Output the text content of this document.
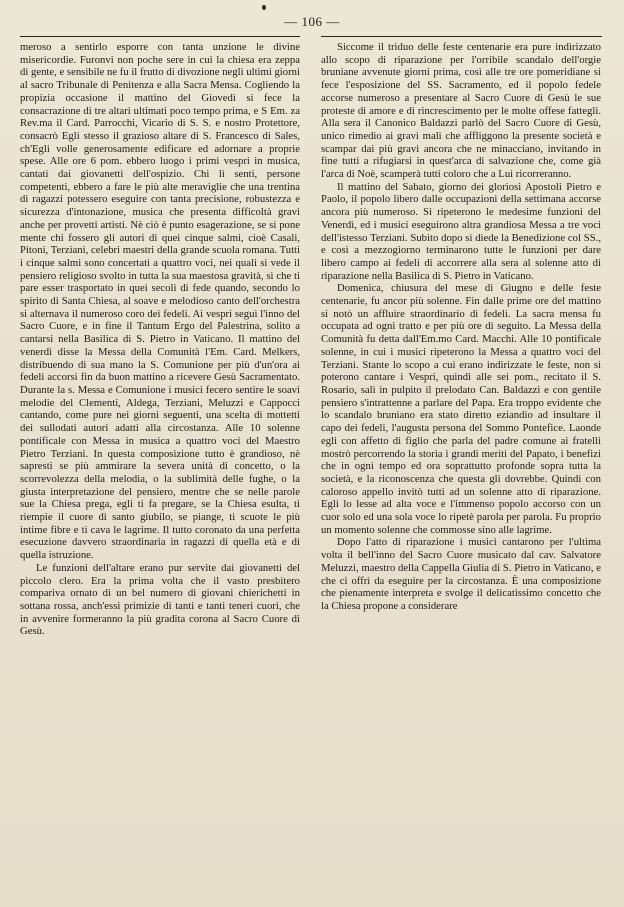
— 106 —

meroso a sentirlo esporre con tanta unzione le divine misericordie. Furonvi non poche sere in cui la chiesa era zeppa di gente, e sensibile ne fu il frutto di divozione negli ultimi giorni al sacro Tribunale di Penitenza e alla Sacra Mensa. Cogliendo la propizia occasione il mattino del Giovedì si fece la consacrazione di tre altari ultimati poco tempo prima, e S Em. za Rev.ma il Card. Parrocchi, Vicario di S. S. e nostro Protettore, consacrò Egli stesso il grazioso altare di S. Francesco di Sales, ch'Egli volle generosamente edificare ed adornare a proprie spese. Alle ore 6 pom. ebbero luogo i primi vespri in musica, cantati dai giovanetti dell'ospizio. Chi li senti, persone competenti, ebbero a fare le più alte meraviglie che una trentina di ragazzi potessero eseguire con tanta precisione, robustezza e sicurezza d'intonazione, musica che presenta difficoltà gravi anche per provetti artisti. Nè ciò è punto esagerazione, se si pone mente chi fossero gli autori di quei cinque salmi, cioè Casali, Pitoni, Terziani, celebri maestri della grande scuola romana. Tutti i cinque salmi sono concertati a quattro voci, nei quali si vede il pensiero religioso svolto in tutta la sua maestosa gravità, sì che ti pare esser trasportato in quei secoli di fede quando, secondo lo spirito di Santa Chiesa, al soave e melodioso canto dell'orchestra si alternava il numeroso coro dei fedeli. Ai vespri seguì l'inno del Sacro Cuore, e in fine il Tantum Ergo del Palestrina, solito a cantarsi nella Basilica di S. Pietro in Vaticano. Il mattino del venerdì disse la Messa della Comunità l'Em. Card. Melkers, distribuendo di sua mano la S. Comunione per più d'un'ora ai fedeli accorsi fin da buon mattino a ricevere Gesù Sacramentato. Durante la s. Messa e Comunione i musici fecero sentire le soavi melodie del Clementi, Aldega, Terziani, Meluzzi e Cappocci cantando, come pure nei giorni seguenti, una scelta di mottetti dei sullodati autori adatti alla circostanza. Alle 10 solenne pontificale con Messa in musica a quattro voci del Maestro Pietro Terziani. In questa composizione tutto è grandioso, nè sapresti se più ammirare la severa unità di concetto, o la scorrevolezza della melodia, o la sublimità delle fughe, o la giusta interpretazione del pensiero, mentre che se nelle parole sue la Chiesa prega, egli ti fa pregare, se la Chiesa esulta, ti riempie il cuore di santo giubilo, se piange, ti scuote le più intime fibre e ti cava le lagrime. Il tutto coronato da una perfetta esecuzione davvero straordinaria in ragazzi di quella età e di quella istruzione.

Le funzioni dell'altare erano pur servite dai giovanetti del piccolo clero. Era la prima volta che il vasto presbitero compariva ornato di un bel numero di giovani chierichetti in sottana rossa, anch'essi primizie di tanti e tanti teneri cuori, che in avvenire formeranno la più gradita corona al Sacro Cuore di Gesù.

Siccome il triduo delle feste centenarie era pure indirizzato allo scopo di riparazione per l'orribile scandalo dell'orgie bruniane avvenute giorni prima, così alle tre ore pomeridiane si fece l'esposizione del SS. Sacramento, ed il popolo fedele accorse numeroso a presentare al Sacro Cuore di Gesù le sue proteste di amore e di rincrescimento per le molte offese fattegli. Alla sera il Canonico Baldazzi parlò del Sacro Cuore di Gesù, unico rimedio ai gravi mali che affliggono la presente società e scampar dai più gravi ancora che ne minacciano, invitando in fine tutti a rifugiarsi in quest'arca di salvazione che, come già l'arca di Noè, scamperà tutti coloro che a Lui ricorreranno.

Il mattino del Sabato, giorno dei gloriosi Apostoli Pietro e Paolo, il popolo libero dalle occupazioni della settimana accorse ancora più numeroso. Si ripeterono le medesime funzioni del Venerdì, ed i musici eseguirono altra grandiosa Messa a tre voci dell'istesso Terziani. Subito dopo si diede la Benedizione col SS., e così a mezzogiorno terminarono tutte le funzioni per dare libero campo ai fedeli di accorrere alla sera al solenne atto di riparazione nella Basilica di S. Pietro in Vaticano.

Domenica, chiusura del mese di Giugno e delle feste centenarie, fu ancor più solenne. Fin dalle prime ore del mattino si notò un affluire straordinario di fedeli. La sacra mensa fu occupata ad ogni tratto e per più ore di seguito. La Messa della Comunità fu detta dall'Em.mo Card. Macchi. Alle 10 pontificale solenne, in cui i musici ripeterono la Messa a quattro voci del Terziani. Stante lo scopo a cui erano indirizzate le feste, non si poterono cantare i Vespri, quindi alle sei pom., recitato il S. Rosario, salì in pulpito il prelodato Can. Baldazzi e con gentile pensiero s'intrattenne a parlare del Papa. Era troppo evidente che lo scandalo bruniano era stato diretto eziandio ad insultare il capo dei fedeli, l'augusta persona del Sommo Pontefice. Laonde egli con affetto di figlio che parla del padre comune ai fratelli mostrò percorrendo la storia i grandi meriti del Papato, i benefizi che in ogni tempo ed ora soprattutto profonde sopra tutta la società, e la riconoscenza che questa gli dovrebbe. Quindi con caloroso appello invitò tutti ad un solenne atto di riparazione. Egli lo lesse ad alta voce e l'immenso popolo accorso con un cuor solo ed una sola voce lo ripetè parola per parola. Fu proprio un momento solenne che commosse sino alle lagrime.

Dopo l'atto di riparazione i musici cantarono per l'ultima volta il bell'inno del Sacro Cuore musicato dal cav. Salvatore Meluzzi, maestro della Cappella Giulia di S. Pietro in Vaticano, e che ci offrì da eseguire per la circostanza. È una composizione che pienamente interpreta e svolge il delicatissimo concetto che la Chiesa propone a considerare
